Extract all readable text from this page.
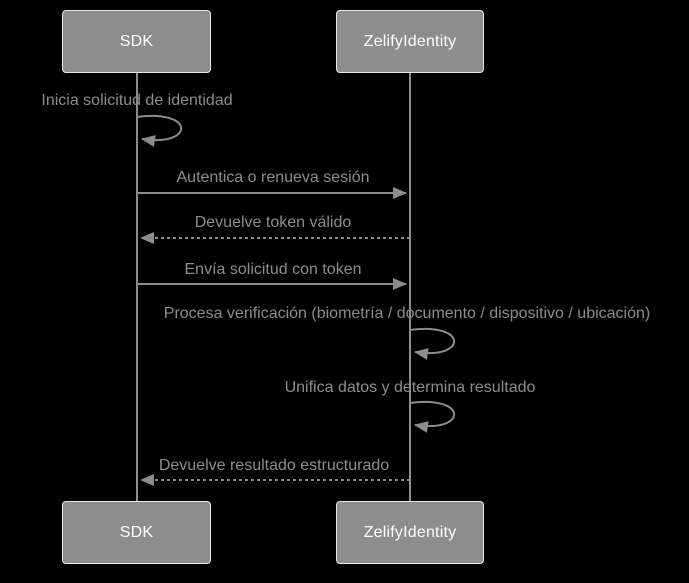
SDK	ZelifyIdentity
SDK	ZelifyIdentity
Inicia solicitud de identidad
Autentica o renueva sesión
Devuelve token válido
Envía solicitud con token
Procesa verificación (biometría / documento / dispositivo / ubicación)
Unifica datos y determina resultado
Devuelve resultado estructurado
